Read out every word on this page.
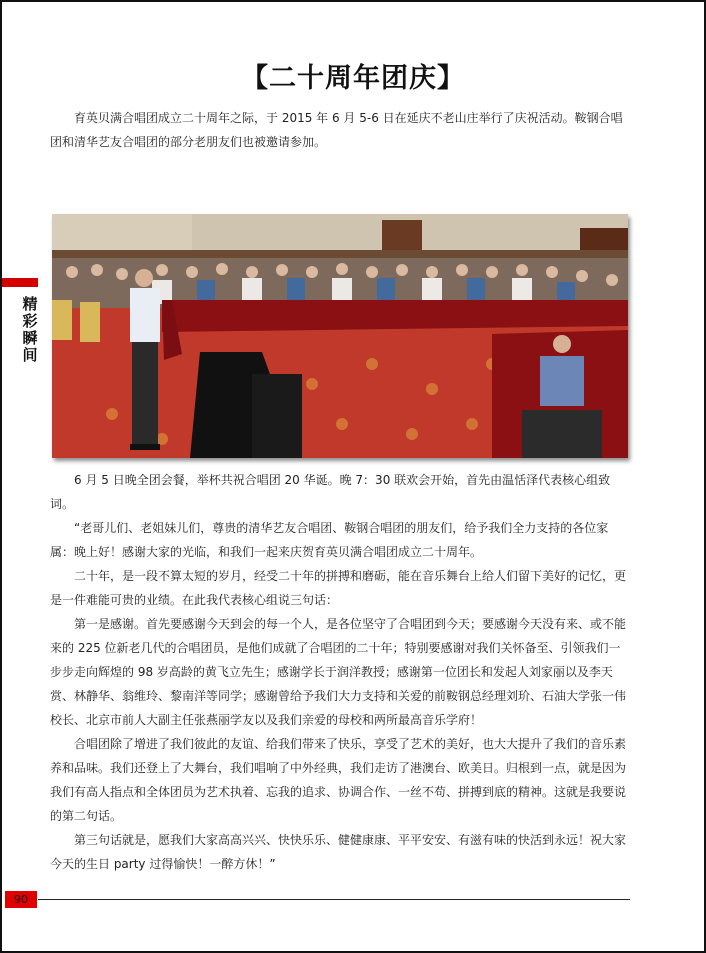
【二十周年团庆】

育英贝满合唱团成立二十周年之际，于 2015 年 6 月 5-6 日在延庆不老山庄举行了庆祝活动。鞍钢合唱团和清华艺友合唱团的部分老朋友们也被邀请参加。

精
彩
瞬
间

6 月 5 日晚全团会餐，举杯共祝合唱团 20 华诞。晚 7：30 联欢会开始，首先由温恬泽代表核心组致词。

“老哥儿们、老姐妹儿们，尊贵的清华艺友合唱团、鞍钢合唱团的朋友们，给予我们全力支持的各位家属：晚上好！感谢大家的光临，和我们一起来庆贺育英贝满合唱团成立二十周年。

二十年，是一段不算太短的岁月，经受二十年的拼搏和磨砺，能在音乐舞台上给人们留下美好的记忆，更是一件难能可贵的业绩。在此我代表核心组说三句话：

第一是感谢。首先要感谢今天到会的每一个人，是各位坚守了合唱团到今天；要感谢今天没有来、或不能来的 225 位新老几代的合唱团员，是他们成就了合唱团的二十年；特别要感谢对我们关怀备至、引领我们一步步走向辉煌的 98 岁高龄的黄飞立先生；感谢学长于润洋教授；感谢第一位团长和发起人刘家丽以及李天赏、林静华、翁维玲、黎南洋等同学；感谢曾给予我们大力支持和关爱的前鞍钢总经理刘玠、石油大学张一伟校长、北京市前人大副主任张燕丽学友以及我们亲爱的母校和两所最高音乐学府！

合唱团除了增进了我们彼此的友谊、给我们带来了快乐，享受了艺术的美好，也大大提升了我们的音乐素养和品味。我们还登上了大舞台，我们唱响了中外经典，我们走访了港澳台、欧美日。归根到一点，就是因为我们有高人指点和全体团员为艺术执着、忘我的追求、协调合作、一丝不苟、拼搏到底的精神。这就是我要说的第二句话。

第三句话就是，愿我们大家高高兴兴、快快乐乐、健健康康、平平安安、有滋有味的快活到永远！祝大家今天的生日 party 过得愉快！一醉方休！”

90
